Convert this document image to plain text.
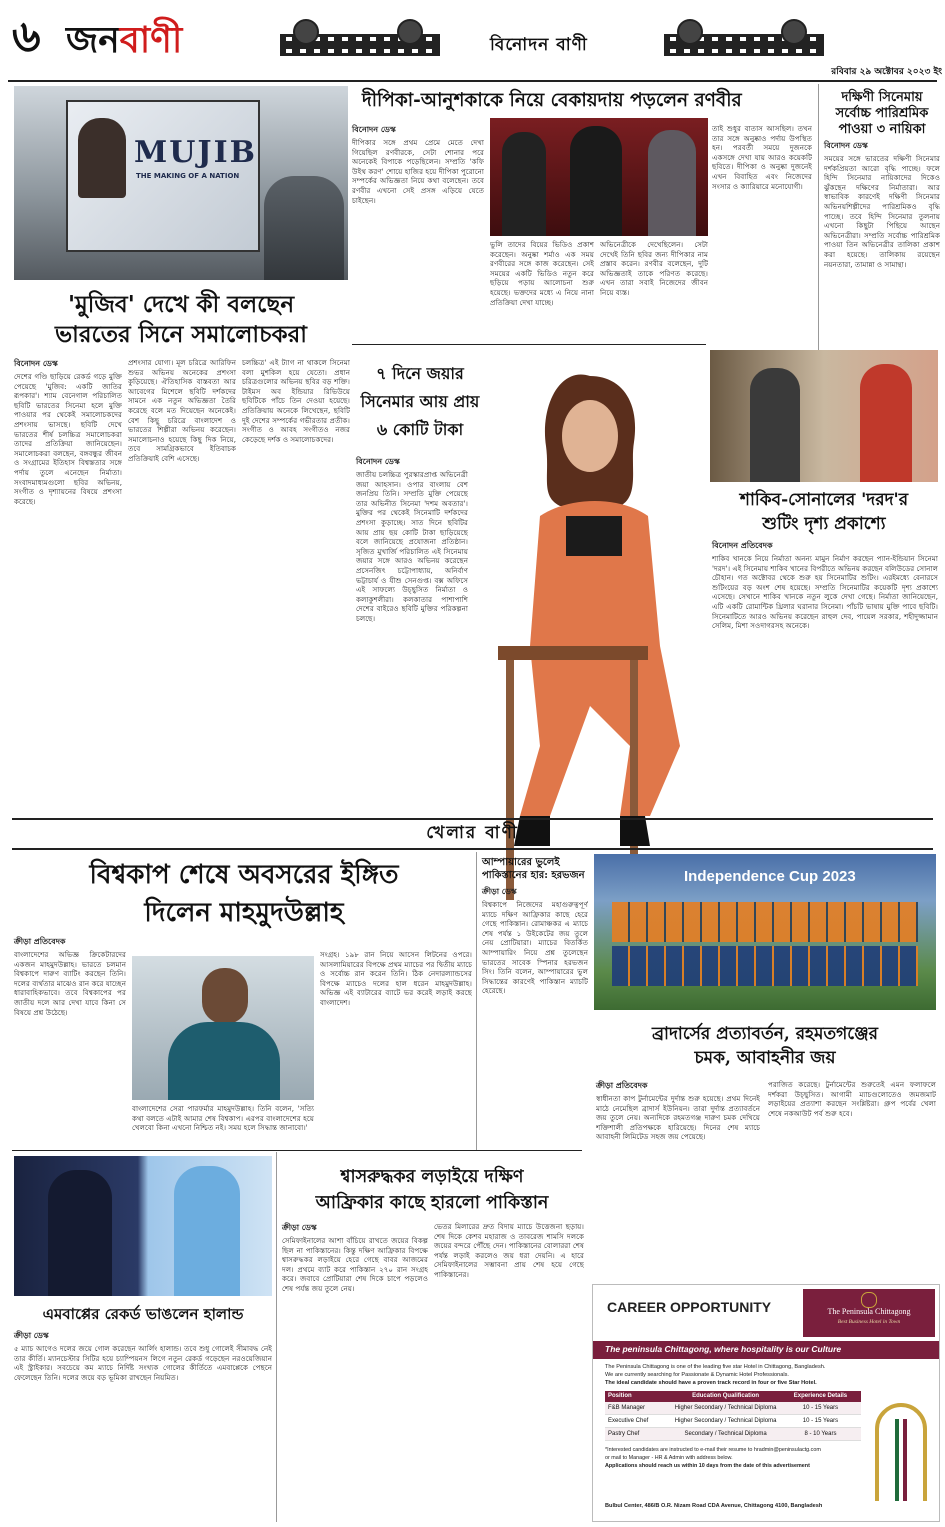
৬ জনবাণী	বিনোদন বাণী
রবিবার ২৯ অক্টোবর ২০২৩ ইং
MUJIB
THE MAKING OF A NATION
'মুজিব' দেখে কী বলছেন
ভারতের সিনে সমালোচকরা
বিনোদন ডেস্ক
দেশের গণ্ডি ছাড়িয়ে রেকর্ড গড়ে মুক্তি পেয়েছে 'মুজিব: একটি জাতির রূপকার'। শ্যাম বেনেগাল পরিচালিত ছবিটি ভারতের সিনেমা হলে মুক্তি পাওয়ার পর থেকেই সমালোচকদের প্রশংসায় ভাসছে। ছবিটি দেখে ভারতের শীর্ষ চলচ্চিত্র সমালোচকরা তাদের প্রতিক্রিয়া জানিয়েছেন। সমালোচকরা বলছেন, বঙ্গবন্ধুর জীবন ও সংগ্রামের ইতিহাস বিশ্বস্ততার সঙ্গে পর্দায় তুলে এনেছেন নির্মাতা। সংবাদমাধ্যমগুলো ছবির অভিনয়, সংগীত ও দৃশ্যায়নের বিষয়ে প্রশংসা করেছে।
প্রশংসার যোগ্য। মূল চরিত্রে আরিফিন শুভর অভিনয় অনেকের প্রশংসা কুড়িয়েছে। ঐতিহাসিক বাস্তবতা আর আবেগের মিশেলে ছবিটি দর্শকদের সামনে এক নতুন অভিজ্ঞতা তৈরি করেছে বলে মত দিয়েছেন অনেকেই। বেশ কিছু চরিত্রে বাংলাদেশ ও ভারতের শিল্পীরা অভিনয় করেছেন। সমালোচনাও হয়েছে কিছু দিক নিয়ে, তবে সামগ্রিকভাবে ইতিবাচক প্রতিক্রিয়াই বেশি এসেছে।
চলচ্চিত্র' এই ট্যাগ না থাকলে সিনেমা বলা মুশকিল হয়ে যেতো। প্রধান চরিত্রগুলোর অভিনয় ছবির বড় শক্তি। টাইমস অব ইন্ডিয়ার রিভিউয়ে ছবিটিকে পাঁচে তিন দেওয়া হয়েছে। প্রতিক্রিয়ায় অনেকে লিখেছেন, ছবিটি দুই দেশের সম্পর্কের গভীরতার প্রতীক। সংগীত ও আবহ সংগীতও নজর কেড়েছে দর্শক ও সমালোচকদের।
দীপিকা-আনুশকাকে নিয়ে বেকায়দায় পড়লেন রণবীর
বিনোদন ডেস্ক
দীপিকার সঙ্গে প্রথম প্রেমে মেতে দেখা গিয়েছিল রণবীরকে, সেটা শোনার পরে অনেকেই বিপাকে পড়েছিলেন। সম্প্রতি 'কফি উইথ করণ' শোয়ে হাজির হয়ে দীপিকা পুরোনো সম্পর্কের অভিজ্ঞতা নিয়ে কথা বলেছেন। তবে রণবীর এখনো সেই প্রসঙ্গ এড়িয়ে যেতে চাইছেন।
ভুলি তাদের বিয়ের ভিডিও প্রকাশ করেছেন। অনুষ্কা শর্মাও এক সময় রণবীরের সঙ্গে কাজ করেছেন। সেই সময়ের একটি ভিডিও নতুন করে ছড়িয়ে পড়ায় আলোচনা শুরু হয়েছে। ভক্তদের মধ্যে এ নিয়ে নানা প্রতিক্রিয়া দেখা যাচ্ছে।
অভিনেত্রীকে দেখেছিলেন। সেটা দেখেই তিনি ছবির জন্য দীপিকার নাম প্রস্তাব করেন। রণবীর বলেছেন, দুটি অভিজ্ঞতাই তাকে পরিণত করেছে। এখন তারা সবাই নিজেদের জীবন নিয়ে ব্যস্ত।
তাই শুধুর বাতাস আসছিল। তখন তার সঙ্গে অনুষ্কাও পর্দায় উপস্থিত হন। পরবর্তী সময়ে দুজনকে একসঙ্গে দেখা যায় আরও কয়েকটি ছবিতে। দীপিকা ও অনুষ্কা দুজনেই এখন বিবাহিত এবং নিজেদের সংসার ও ক্যারিয়ারে মনোযোগী।
দক্ষিণী সিনেমায় সর্বোচ্চ পারিশ্রমিক পাওয়া ৩ নায়িকা
বিনোদন ডেস্ক
সময়ের সঙ্গে ভারতের দক্ষিণী সিনেমার দর্শকপ্রিয়তা আরো বৃদ্ধি পাচ্ছে। ফলে হিন্দি সিনেমার নায়িকাদের দিকেও ঝুঁকছেন দক্ষিণের নির্মাতারা। আর স্বাভাবিক কারণেই দক্ষিণী সিনেমার অভিনয়শিল্পীদের পারিশ্রমিকও বৃদ্ধি পাচ্ছে। তবে হিন্দি সিনেমার তুলনায় এখনো কিছুটা পিছিয়ে আছেন অভিনেত্রীরা। সম্প্রতি সর্বোচ্চ পারিশ্রমিক পাওয়া তিন অভিনেত্রীর তালিকা প্রকাশ করা হয়েছে। তালিকায় রয়েছেন নয়নতারা, তামান্না ও সামান্থা।
৭ দিনে জয়ার সিনেমার আয় প্রায় ৬ কোটি টাকা
বিনোদন ডেস্ক
জাতীয় চলচ্চিত্র পুরস্কারপ্রাপ্ত অভিনেত্রী জয়া আহসান। ওপার বাংলায় বেশ জনপ্রিয় তিনি। সম্প্রতি মুক্তি পেয়েছে তার অভিনীত সিনেমা 'দশম অবতার'। মুক্তির পর থেকেই সিনেমাটি দর্শকদের প্রশংসা কুড়াচ্ছে। সাত দিনে ছবিটির আয় প্রায় ছয় কোটি টাকা ছাড়িয়েছে বলে জানিয়েছে প্রযোজনা প্রতিষ্ঠান। সৃজিত মুখার্জি পরিচালিত এই সিনেমায় জয়ার সঙ্গে আরও অভিনয় করেছেন প্রসেনজিৎ চট্টোপাধ্যায়, অনির্বাণ ভট্টাচার্য ও যীশু সেনগুপ্ত। বক্স অফিসে এই সাফল্যে উচ্ছ্বসিত নির্মাতা ও কলাকুশলীরা। কলকাতার পাশাপাশি দেশের বাইরেও ছবিটি মুক্তির পরিকল্পনা চলছে।
শাকিব-সোনালের 'দরদ'র
শুটিং দৃশ্য প্রকাশ্যে
বিনোদন প্রতিবেদক
শাকিব খানকে নিয়ে নির্মাতা অনন্য মামুন নির্মাণ করছেন প্যান-ইন্ডিয়ান সিনেমা 'দরদ'। এই সিনেমায় শাকিব খানের বিপরীতে অভিনয় করছেন বলিউডের সোনাল চৌহান। গত অক্টোবর থেকে শুরু হয় সিনেমাটির শুটিং। এরইমধ্যে বেনারসে শুটিংয়ের বড় অংশ শেষ হয়েছে। সম্প্রতি সিনেমাটির কয়েকটি দৃশ্য প্রকাশ্যে এসেছে। সেখানে শাকিব খানকে নতুন লুকে দেখা গেছে। নির্মাতা জানিয়েছেন, এটি একটি রোমান্টিক থ্রিলার ঘরানার সিনেমা। পাঁচটি ভাষায় মুক্তি পাবে ছবিটি। সিনেমাটিতে আরও অভিনয় করেছেন রাহুল দেব, পায়েল সরকার, শহীদুজ্জামান সেলিম, মিশা সওদাগরসহ অনেকে।
খেলার বাণী
বিশ্বকাপ শেষে অবসরের ইঙ্গিত
দিলেন মাহমুদউল্লাহ
ক্রীড়া প্রতিবেদক
বাংলাদেশের অভিজ্ঞ ক্রিকেটারদের একজন মাহমুদউল্লাহ। ভারতে চলমান বিশ্বকাপে দারুণ ব্যাটিং করছেন তিনি। দলের ব্যর্থতার মাঝেও রান করে যাচ্ছেন ধারাবাহিকভাবে। তবে বিশ্বকাপের পর জাতীয় দলে আর দেখা যাবে কিনা সে বিষয়ে প্রশ্ন উঠেছে।
সংগ্রহ। ১৯৮ রান নিয়ে আসেন লিটনের ওপরে। আসলামিয়ারের বিপক্ষে প্রথম ম্যাচের পর দ্বিতীয় ম্যাচে ও সর্বোচ্চ রান করেন তিনি। ঠিক নেদারল্যান্ডসের বিপক্ষে ম্যাচেও দলের হাল ধরেন মাহমুদউল্লাহ। অভিজ্ঞ এই ব্যাটারের ব্যাটে ভর করেই লড়াই করছে বাংলাদেশ।
বাংলাদেশের সেরা পারফর্মার মাহমুদউল্লাহ। তিনি বলেন, 'সত্যি কথা বলতে এটাই আমার শেষ বিশ্বকাপ। এরপর বাংলাদেশের হয়ে খেলবো কিনা এখনো নিশ্চিত নই। সময় হলে সিদ্ধান্ত জানাবো।'
আম্পায়ারের ভুলেই
পাকিস্তানের হার: হরভজন
ক্রীড়া ডেস্ক
বিশ্বকাপে নিজেদের মহাগুরুত্বপূর্ণ ম্যাচে দক্ষিণ আফ্রিকার কাছে হেরে গেছে পাকিস্তান। রোমাঞ্চকর এ ম্যাচে শেষ পর্যন্ত ১ উইকেটের জয় তুলে নেয় প্রোটিয়ারা। ম্যাচের বিতর্কিত আম্পায়ারিং নিয়ে প্রশ্ন তুলেছেন ভারতের সাবেক স্পিনার হরভজন সিং। তিনি বলেন, আম্পায়ারের ভুল সিদ্ধান্তের কারণেই পাকিস্তান ম্যাচটি হেরেছে।
Independence Cup 2023
ব্রাদার্সের প্রত্যাবর্তন, রহমতগঞ্জের
চমক, আবাহনীর জয়
ক্রীড়া প্রতিবেদক
স্বাধীনতা কাপ টুর্নামেন্টের দুর্দান্ত শুরু হয়েছে। প্রথম দিনেই মাঠে নেমেছিল ব্রাদার্স ইউনিয়ন। তারা দুর্দান্ত প্রত্যাবর্তনে জয় তুলে নেয়। অন্যদিকে রহমতগঞ্জ দারুণ চমক দেখিয়ে শক্তিশালী প্রতিপক্ষকে হারিয়েছে। দিনের শেষ ম্যাচে আবাহনী লিমিটেড সহজ জয় পেয়েছে।
পরাজিত করেছে। টুর্নামেন্টের শুরুতেই এমন ফলাফলে দর্শকরা উচ্ছ্বসিত। আগামী ম্যাচগুলোতেও জমজমাট লড়াইয়ের প্রত্যাশা করছেন সংশ্লিষ্টরা। গ্রুপ পর্বের খেলা শেষে নকআউট পর্ব শুরু হবে।
এমবাপ্পের রেকর্ড ভাঙলেন হালান্ড
ক্রীড়া ডেস্ক
৫ ম্যাচ আগেও দলের জয়ে গোল করেছেন আর্লিং হালান্ড। তবে শুধু গোলেই সীমাবদ্ধ নেই তার কীর্তি। ম্যানচেস্টার সিটির হয়ে চ্যাম্পিয়নস লিগে নতুন রেকর্ড গড়েছেন নরওয়েজিয়ান এই স্ট্রাইকার। সবচেয়ে কম ম্যাচে নির্দিষ্ট সংখ্যক গোলের কীর্তিতে এমবাপ্পেকে পেছনে ফেলেছেন তিনি। দলের জয়ে বড় ভূমিকা রাখছেন নিয়মিত।
শ্বাসরুদ্ধকর লড়াইয়ে দক্ষিণ
আফ্রিকার কাছে হারলো পাকিস্তান
ক্রীড়া ডেস্ক
সেমিফাইনালের আশা বাঁচিয়ে রাখতে জয়ের বিকল্প ছিল না পাকিস্তানের। কিন্তু দক্ষিণ আফ্রিকার বিপক্ষে শ্বাসরুদ্ধকর লড়াইয়ে হেরে গেছে বাবর আজমের দল। প্রথমে ব্যাট করে পাকিস্তান ২৭০ রান সংগ্রহ করে। জবাবে প্রোটিয়ারা শেষ দিকে চাপে পড়লেও শেষ পর্যন্ত জয় তুলে নেয়।
ভেতর মিলারের দ্রুত বিদায় ম্যাচে উত্তেজনা ছড়ায়। শেষ দিকে কেশব মহারাজ ও তাবরেজ শামসি দলকে জয়ের বন্দরে পৌঁছে দেন। পাকিস্তানের বোলাররা শেষ পর্যন্ত লড়াই করলেও জয় ধরা দেয়নি। এ হারে সেমিফাইনালের সম্ভাবনা প্রায় শেষ হয়ে গেছে পাকিস্তানের।
CAREER OPPORTUNITY	The Peninsula Chittagong
Best Business Hotel in Town
The peninsula Chittagong, where hospitality is our Culture
The Peninsula Chittagong is one of the leading five star Hotel in Chittagong, Bangladesh.
We are currently searching for Passionate & Dynamic Hotel Professionals.
The ideal candidate should have a proven track record in four or five Star Hotel.
Position	Education Qualification	Experience Details
F&B Manager	Higher Secondary / Technical Diploma	10 - 15 Years
Executive Chef	Higher Secondary / Technical Diploma	10 - 15 Years
Pastry Chef	Secondary / Technical Diploma	8 - 10 Years
*Interested candidates are instructed to e-mail their resume to hradmin@peninsulactg.com
or mail to Manager - HR & Admin with address below.
Applications should reach us within 10 days from the date of this advertisement
Bulbul Center, 486/B O.R. Nizam Road CDA Avenue, Chittagong 4100, Bangladesh
